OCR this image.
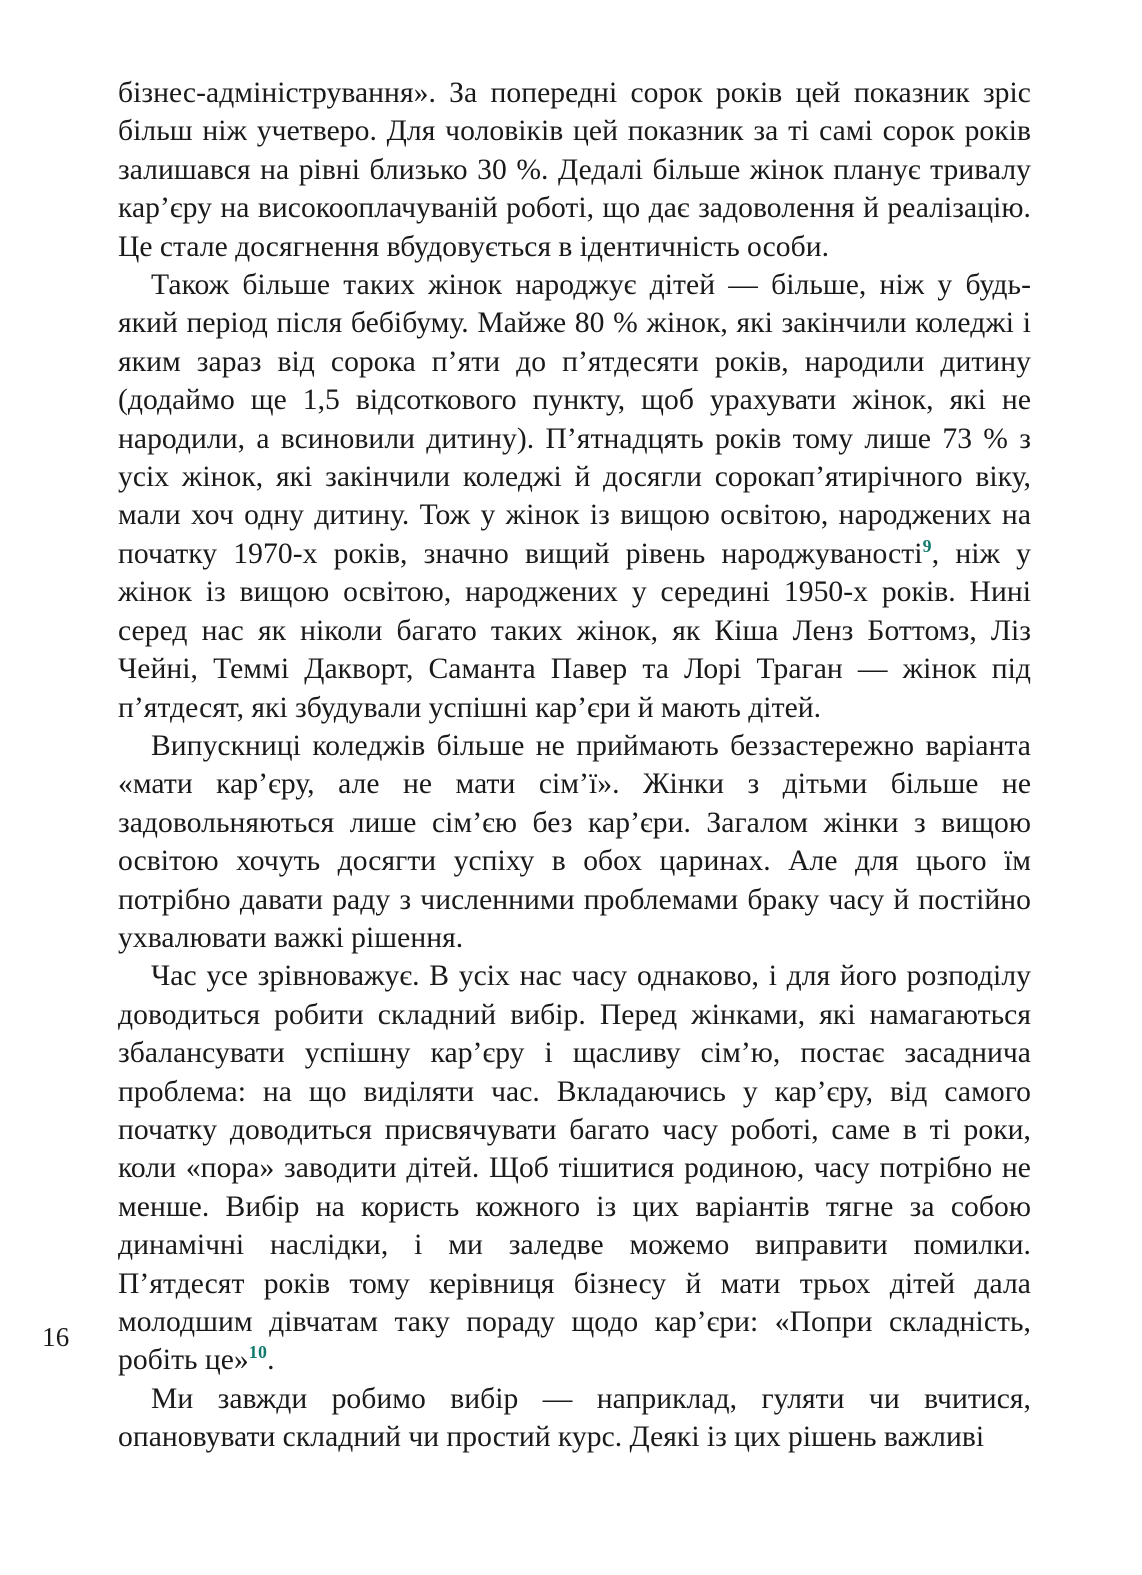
16

бізнес-адміністрування». За попередні сорок років цей показник зріс більш ніж учетверо. Для чоловіків цей показник за ті самі сорок років залишався на рівні близько 30 %. Дедалі більше жінок планує тривалу кар’єру на високооплачуваній роботі, що дає задоволення й реалізацію. Це стале досягнення вбудовується в ідентичність особи.

Також більше таких жінок народжує дітей — більше, ніж у будь-який період після бебібуму. Майже 80 % жінок, які закінчили коледжі і яким зараз від сорока п’яти до п’ятдесяти років, народили дитину (додаймо ще 1,5 відсоткового пункту, щоб урахувати жінок, які не народили, а всиновили дитину). П’ятнадцять років тому лише 73 % з усіх жінок, які закінчили коледжі й досягли сорокап’ятирічного віку, мали хоч одну дитину. Тож у жінок із вищою освітою, народжених на початку 1970-х років, значно вищий рівень народжуваності$^9$, ніж у жінок із вищою освітою, народжених у середині 1950-х років. Нині серед нас як ніколи багато таких жінок, як Кіша Ленз Боттомз, Ліз Чейні, Теммі Дакворт, Саманта Павер та Лорі Траган — жінок під п’ятдесят, які збудували успішні кар’єри й мають дітей.

Випускниці коледжів більше не приймають беззастережно варіанта «мати кар’єру, але не мати сім’ї». Жінки з дітьми більше не задовольняються лише сім’єю без кар’єри. Загалом жінки з вищою освітою хочуть досягти успіху в обох царинах. Але для цього їм потрібно давати раду з численними проблемами браку часу й постійно ухвалювати важкі рішення.

Час усе зрівноважує. В усіх нас часу однаково, і для його розподілу доводиться робити складний вибір. Перед жінками, які намагаються збалансувати успішну кар’єру і щасливу сім’ю, постає засаднича проблема: на що виділяти час. Вкладаючись у кар’єру, від самого початку доводиться присвячувати багато часу роботі, саме в ті роки, коли «пора» заводити дітей. Щоб тішитися родиною, часу потрібно не менше. Вибір на користь кожного із цих варіантів тягне за собою динамічні наслідки, і ми заледве можемо виправити помилки. П’ятдесят років тому керівниця бізнесу й мати трьох дітей дала молодшим дівчатам таку пораду щодо кар’єри: «Попри складність, робіть це»$^{10}$.

Ми завжди робимо вибір — наприклад, гуляти чи вчитися, опановувати складний чи простий курс. Деякі із цих рішень важливі
